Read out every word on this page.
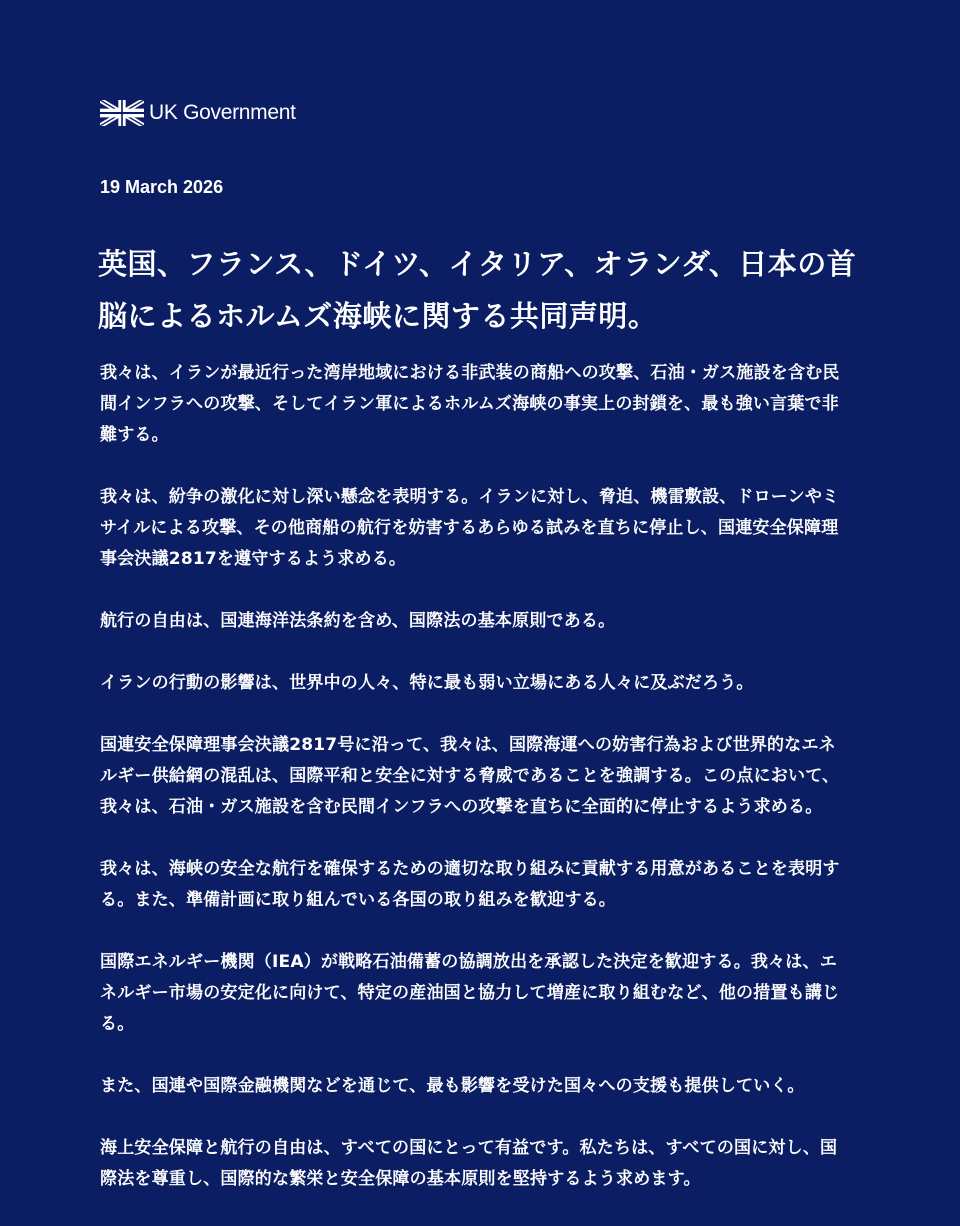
UK Government
19 March 2026
英国、フランス、ドイツ、イタリア、オランダ、日本の首脳によるホルムズ海峡に関する共同声明。

我々は、イランが最近行った湾岸地域における非武装の商船への攻撃、石油・ガス施設を含む民間インフラへの攻撃、そしてイラン軍によるホルムズ海峡の事実上の封鎖を、最も強い言葉で非難する。

我々は、紛争の激化に対し深い懸念を表明する。イランに対し、脅迫、機雷敷設、ドローンやミサイルによる攻撃、その他商船の航行を妨害するあらゆる試みを直ちに停止し、国連安全保障理事会決議2817を遵守するよう求める。

航行の自由は、国連海洋法条約を含め、国際法の基本原則である。

イランの行動の影響は、世界中の人々、特に最も弱い立場にある人々に及ぶだろう。

国連安全保障理事会決議2817号に沿って、我々は、国際海運への妨害行為および世界的なエネルギー供給網の混乱は、国際平和と安全に対する脅威であることを強調する。この点において、我々は、石油・ガス施設を含む民間インフラへの攻撃を直ちに全面的に停止するよう求める。

我々は、海峡の安全な航行を確保するための適切な取り組みに貢献する用意があることを表明する。また、準備計画に取り組んでいる各国の取り組みを歓迎する。

国際エネルギー機関（IEA）が戦略石油備蓄の協調放出を承認した決定を歓迎する。我々は、エネルギー市場の安定化に向けて、特定の産油国と協力して増産に取り組むなど、他の措置も講じる。

また、国連や国際金融機関などを通じて、最も影響を受けた国々への支援も提供していく。

海上安全保障と航行の自由は、すべての国にとって有益です。私たちは、すべての国に対し、国際法を尊重し、国際的な繁栄と安全保障の基本原則を堅持するよう求めます。
